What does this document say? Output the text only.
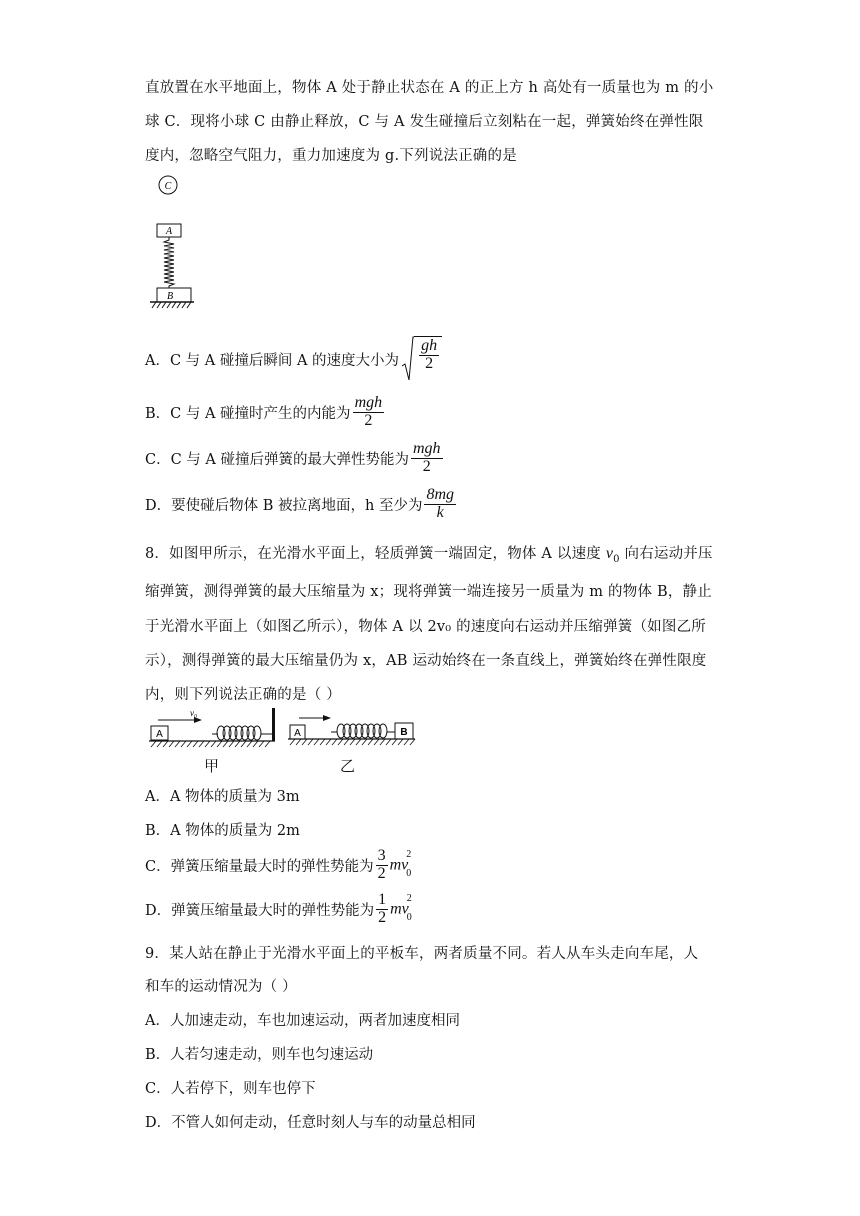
直放置在水平地面上，物体 A 处于静止状态在 A 的正上方 h 高处有一质量也为 m 的小
球 C．现将小球 C 由静止释放，C 与 A 发生碰撞后立刻粘在一起，弹簧始终在弹性限
度内，忽略空气阻力，重力加速度为 g.下列说法正确的是
C
A
B
A．C 与 A 碰撞后瞬间 A 的速度大小为 $\frac{gh}{2}$
B．C 与 A 碰撞时产生的内能为 $\frac{\text{mgh}}{2}$
C．C 与 A 碰撞后弹簧的最大弹性势能为 $\frac{\text{mgh}}{2}$
D．要使碰后物体 B 被拉离地面，h 至少为 $\frac{8mg}{k}$
8．如图甲所示，在光滑水平面上，轻质弹簧一端固定，物体 A 以速度 $v_0$ 向右运动并压
缩弹簧，测得弹簧的最大压缩量为 x；现将弹簧一端连接另一质量为 m 的物体 B，静止
于光滑水平面上（如图乙所示），物体 A 以 2v₀ 的速度向右运动并压缩弹簧（如图乙所
示），测得弹簧的最大压缩量仍为 x，AB 运动始终在一条直线上，弹簧始终在弹性限度
内，则下列说法正确的是（ ）
A
v₀
A	B
甲	乙
A．A 物体的质量为 3m
B．A 物体的质量为 2m
C．弹簧压缩量最大时的弹性势能为 $\frac{3}{2} mv^2_0$
D．弹簧压缩量最大时的弹性势能为 $\frac{1}{2} mv^2_0$
9．某人站在静止于光滑水平面上的平板车，两者质量不同。若人从车头走向车尾，人
和车的运动情况为（ ）
A．人加速走动，车也加速运动，两者加速度相同
B．人若匀速走动，则车也匀速运动
C．人若停下，则车也停下
D．不管人如何走动，任意时刻人与车的动量总相同
